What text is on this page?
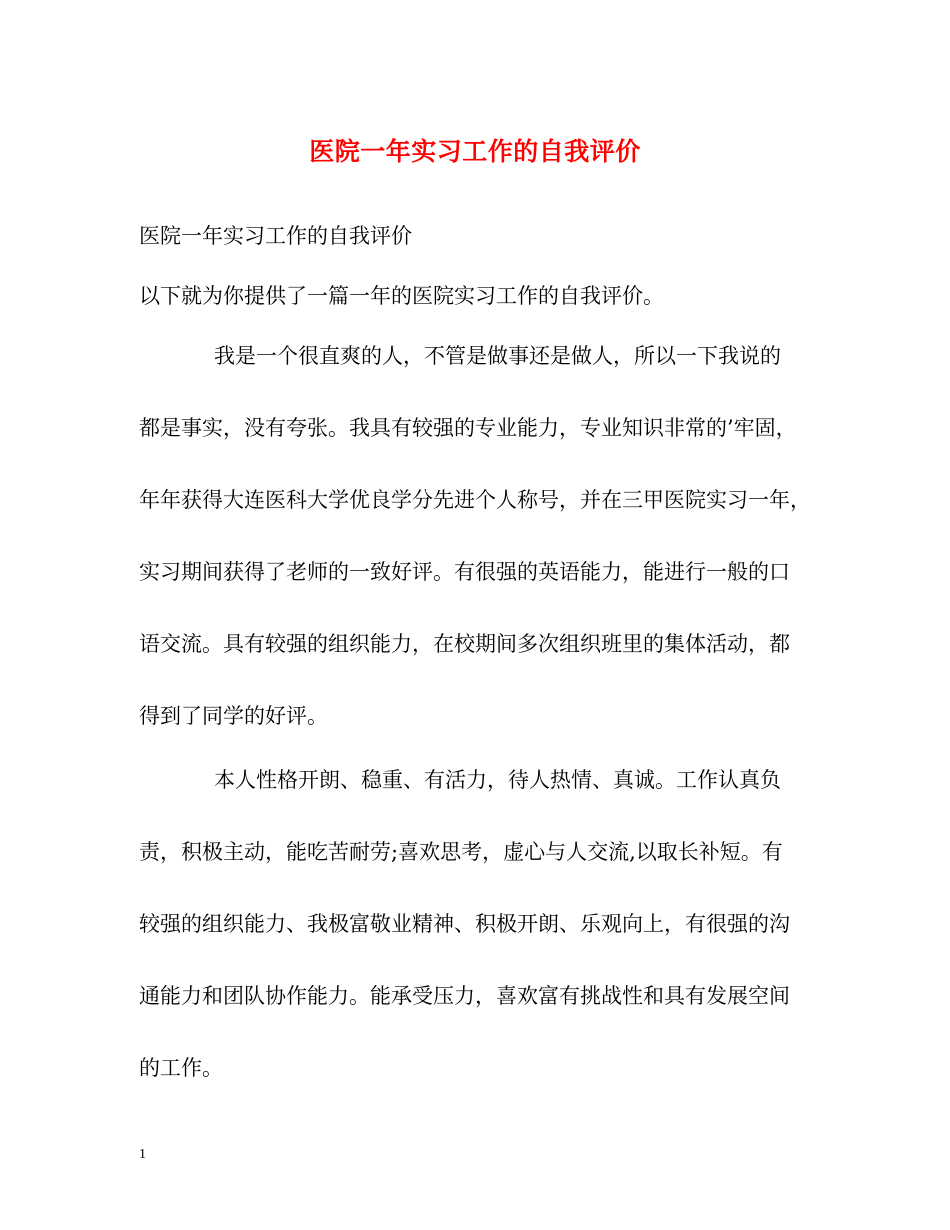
医院一年实习工作的自我评价
医院一年实习工作的自我评价
以下就为你提供了一篇一年的医院实习工作的自我评价。
我是一个很直爽的人，不管是做事还是做人，所以一下我说的
都是事实，没有夸张。我具有较强的专业能力，专业知识非常的’牢固，
年年获得大连医科大学优良学分先进个人称号，并在三甲医院实习一年，
实习期间获得了老师的一致好评。有很强的英语能力，能进行一般的口
语交流。具有较强的组织能力，在校期间多次组织班里的集体活动，都
得到了同学的好评。
本人性格开朗、稳重、有活力，待人热情、真诚。工作认真负
责，积极主动，能吃苦耐劳;喜欢思考，虚心与人交流,以取长补短。有
较强的组织能力、我极富敬业精神、积极开朗、乐观向上，有很强的沟
通能力和团队协作能力。能承受压力，喜欢富有挑战性和具有发展空间
的工作。
1
